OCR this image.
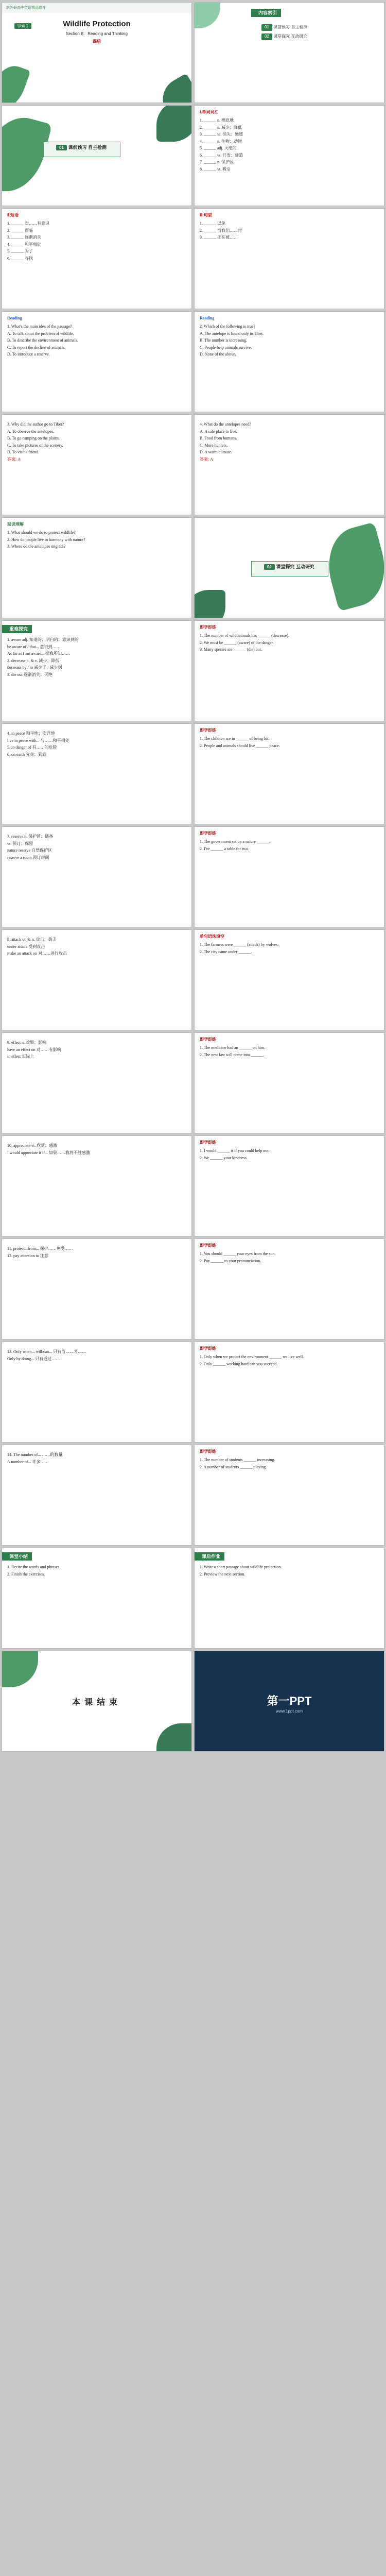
新外研高中英语精品课件
Unit 1	Wildlife Protection
Section B　Reading and Thinking
课后
内容索引
01 课前预习 自主检测
02 课堂探究 互动研究
01 课前预习 自主检测
Ⅰ.单词词汇

1. ______ n. 栖息地

2. ______ n. 减少；降低

3. ______ vi. 消失；绝迹

4. ______ n. 生物；动物

5. ______ adj. 灭绝的

6. ______ vt. 开发；建造

7. ______ n. 保护区

8. ______ vt. 吸引

Ⅱ.短语

1. ______ 对……有意识

2. ______ 面临

3. ______ 逐渐消失

4. ______ 和平相处

5. ______ 为了

6. ______ 寻找

Ⅲ.句型

1. ______ 以免

2. ______ 当我们……时

3. ______ 正在被……

Reading

1. What's the main idea of the passage?

A. To talk about the problem of wildlife.

B. To describe the environment of animals.

C. To report the decline of animals.

D. To introduce a reserve.

Reading

2. Which of the following is true?

A. The antelope is found only in Tibet.

B. The number is increasing.

C. People help animals survive.

D. None of the above.

3. Why did the author go to Tibet?

A. To observe the antelopes.

B. To go camping on the plains.

C. To take pictures of the scenery.

D. To visit a friend.

答案: A

4. What do the antelopes need?

A. A safe place to live.

B. Food from humans.

C. More hunters.

D. A warm climate.

答案: A

阅读理解

1. What should we do to protect wildlife?

2. How do people live in harmony with nature?

3. Where do the antelopes migrate?

02 课堂探究 互动研究
重难探究

1. aware adj. 知道的；明白的；意识到的

be aware of / that... 意识到……

As far as I am aware... 据我所知……

2. decrease n. & v. 减少；降低

decrease by / to 减少了 / 减少到

3. die out 逐渐消失；灭绝

即学即练

1. The number of wild animals has ______ (decrease).

2. We must be ______ (aware) of the danger.

3. Many species are ______ (die) out.

4. in peace 和平地；安详地

live in peace with... 与……和平相处

5. in danger of 有……的危险

6. on earth 究竟；到底

即学即练

1. The children are in ______ of being hit.

2. People and animals should live ______ peace.

7. reserve n. 保护区；储备

vt. 预订；保留

nature reserve 自然保护区

reserve a room 预订房间

即学即练

1. The government set up a nature ______.

2. I've ______ a table for two.

8. attack vt. & n. 攻击；袭击

under attack 受到攻击

make an attack on 对……进行攻击

单句语法填空

1. The farmers were ______ (attack) by wolves.

2. The city came under ______.

9. effect n. 效果；影响

have an effect on 对……有影响

in effect 实际上

即学即练

1. The medicine had an ______ on him.

2. The new law will come into ______.

10. appreciate vt. 欣赏；感激

I would appreciate it if... 如果……我将不胜感激

即学即练

1. I would ______ it if you could help me.

2. We ______ your kindness.

11. protect...from... 保护……免受……

12. pay attention to 注意

即学即练

1. You should ______ your eyes from the sun.

2. Pay ______ to your pronunciation.

13. Only when... will/can... 只有当……才……

Only by doing... 只有通过……

即学即练

1. Only when we protect the environment ______ we live well.

2. Only ______ working hard can you succeed.

14. The number of... ……的数量

A number of... 许多……

即学即练

1. The number of students ______ increasing.

2. A number of students ______ playing.

课堂小结

1. Recite the words and phrases.

2. Finish the exercises.

课后作业

1. Write a short passage about wildlife protection.

2. Preview the next section.

本课结束	第一PPT
www.1ppt.com
